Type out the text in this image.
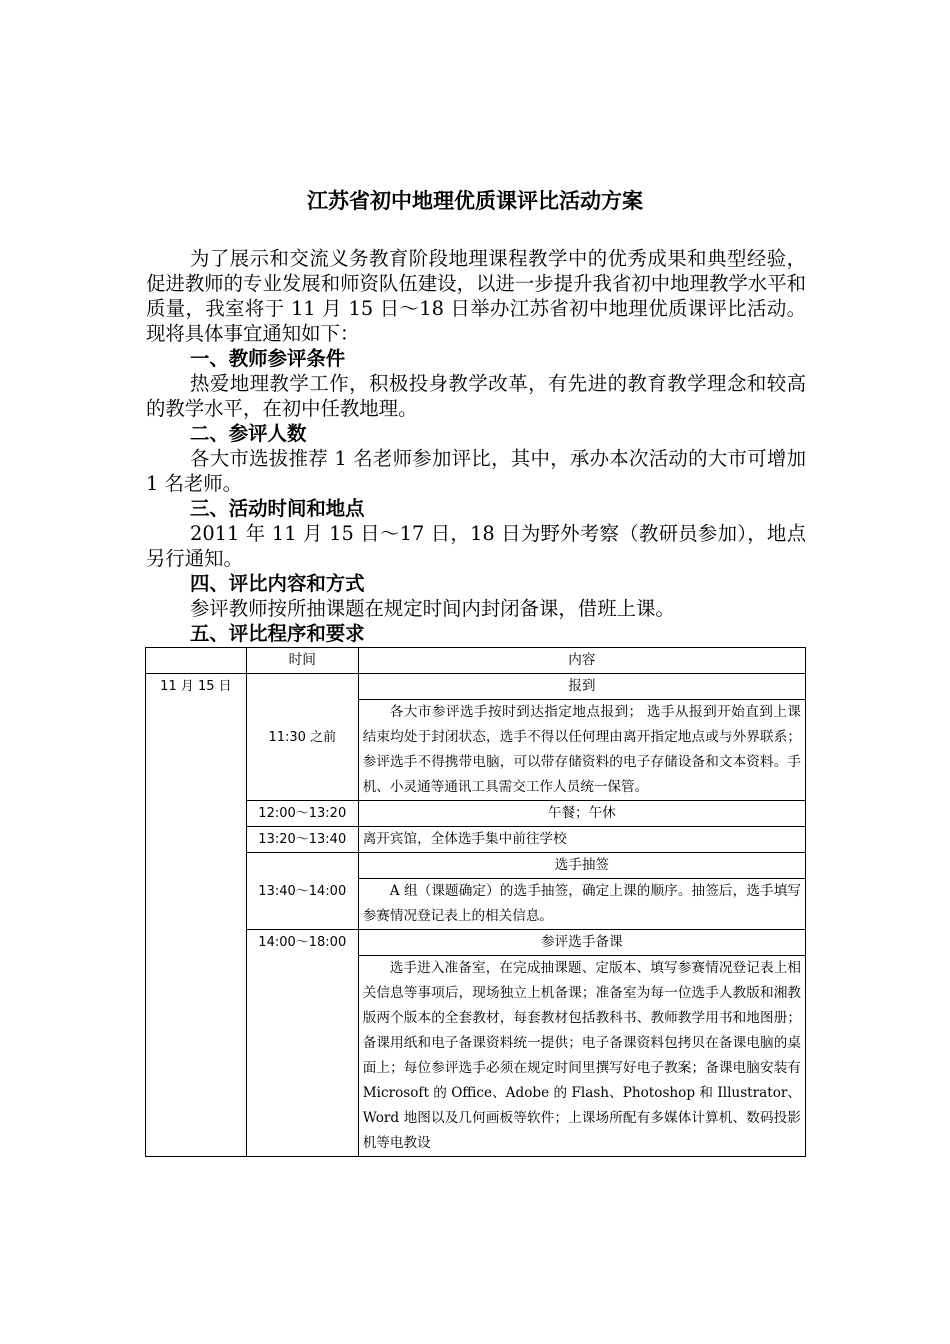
江苏省初中地理优质课评比活动方案

为了展示和交流义务教育阶段地理课程教学中的优秀成果和典型经验，促进教师的专业发展和师资队伍建设，以进一步提升我省初中地理教学水平和质量，我室将于 11 月 15 日～18 日举办江苏省初中地理优质课评比活动。现将具体事宜通知如下：

一、教师参评条件

热爱地理教学工作，积极投身教学改革，有先进的教育教学理念和较高的教学水平，在初中任教地理。

二、参评人数

各大市选拔推荐 1 名老师参加评比，其中，承办本次活动的大市可增加 1 名老师。

三、活动时间和地点

2011 年 11 月 15 日～17 日，18 日为野外考察（教研员参加），地点另行通知。

四、评比内容和方式

参评教师按所抽课题在规定时间内封闭备课，借班上课。

五、评比程序和要求

	时间	内容
11 月 15 日	11:30 之前	报到
		各大市参评选手按时到达指定地点报到； 选手从报到开始直到上课结束均处于封闭状态，选手不得以任何理由离开指定地点或与外界联系；参评选手不得携带电脑，可以带存储资料的电子存储设备和文本资料。手机、小灵通等通讯工具需交工作人员统一保管。
	12:00～13:20	午餐；午休
	13:20～13:40	离开宾馆，全体选手集中前往学校
	13:40～14:00	选手抽签
		A 组（课题确定）的选手抽签，确定上课的顺序。抽签后，选手填写参赛情况登记表上的相关信息。
	14:00～18:00	参评选手备课
		选手进入准备室，在完成抽课题、定版本、填写参赛情况登记表上相关信息等事项后，现场独立上机备课；准备室为每一位选手人教版和湘教版两个版本的全套教材，每套教材包括教科书、教师教学用书和地图册；备课用纸和电子备课资料统一提供；电子备课资料包拷贝在备课电脑的桌面上；每位参评选手必须在规定时间里撰写好电子教案；备课电脑安装有 Microsoft 的 Office、Adobe 的 Flash、Photoshop 和 Illustrator、 Word 地图以及几何画板等软件；上课场所配有多媒体计算机、数码投影机等电教设
